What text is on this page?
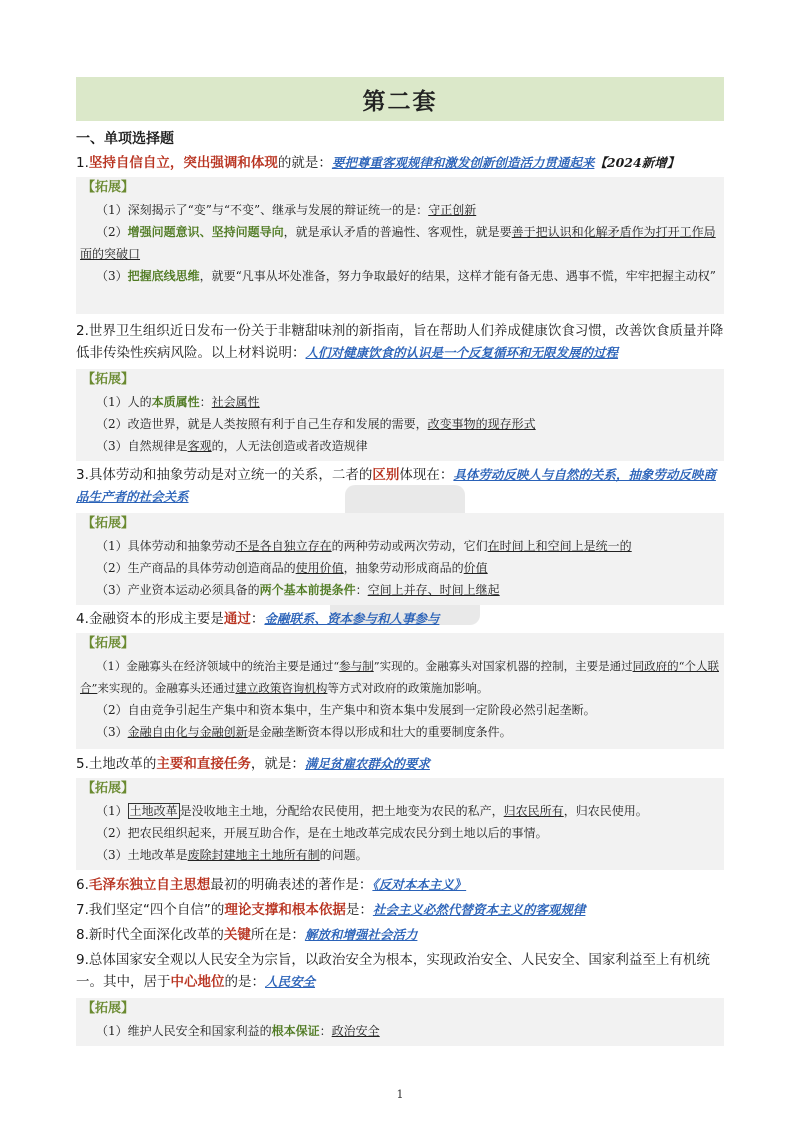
第二套
一、单项选择题
1.坚持自信自立，突出强调和体现的就是：要把尊重客观规律和激发创新创造活力贯通起来【2024新增】
【拓展】
（1）深刻揭示了“变”与“不变”、继承与发展的辩证统一的是：守正创新
（2）增强问题意识、坚持问题导向，就是承认矛盾的普遍性、客观性，就是要善于把认识和化解矛盾作为打开工作局面的突破口
（3）把握底线思维，就要“凡事从坏处准备，努力争取最好的结果，这样才能有备无患、遇事不慌，牢牢把握主动权”
2.世界卫生组织近日发布一份关于非糖甜味剂的新指南，旨在帮助人们养成健康饮食习惯，改善饮食质量并降低非传染性疾病风险。以上材料说明：人们对健康饮食的认识是一个反复循环和无限发展的过程
【拓展】
（1）人的本质属性：社会属性
（2）改造世界，就是人类按照有利于自己生存和发展的需要，改变事物的现存形式
（3）自然规律是客观的，人无法创造或者改造规律
3.具体劳动和抽象劳动是对立统一的关系，二者的区别体现在：具体劳动反映人与自然的关系，抽象劳动反映商品生产者的社会关系
【拓展】
（1）具体劳动和抽象劳动不是各自独立存在的两种劳动或两次劳动，它们在时间上和空间上是统一的
（2）生产商品的具体劳动创造商品的使用价值，抽象劳动形成商品的价值
（3）产业资本运动必须具备的两个基本前提条件：空间上并存、时间上继起
4.金融资本的形成主要是通过：金融联系、资本参与和人事参与
【拓展】
（1）金融寡头在经济领域中的统治主要是通过“参与制”实现的。金融寡头对国家机器的控制，主要是通过同政府的“个人联合”来实现的。金融寡头还通过建立政策咨询机构等方式对政府的政策施加影响。
（2）自由竞争引起生产集中和资本集中，生产集中和资本集中发展到一定阶段必然引起垄断。
（3）金融自由化与金融创新是金融垄断资本得以形成和壮大的重要制度条件。
5.土地改革的主要和直接任务，就是：满足贫雇农群众的要求
【拓展】
（1） 土地改革 是没收地主土地，分配给农民使用，把土地变为农民的私产，归农民所有，归农民使用。
（2）把农民组织起来，开展互助合作，是在土地改革完成农民分到土地以后的事情。
（3）土地改革是废除封建地主土地所有制的问题。
6.毛泽东独立自主思想最初的明确表述的著作是：《反对本本主义》
7.我们坚定“四个自信”的理论支撑和根本依据是：社会主义必然代替资本主义的客观规律
8.新时代全面深化改革的关键所在是：解放和增强社会活力
9.总体国家安全观以人民安全为宗旨，以政治安全为根本，实现政治安全、人民安全、国家利益至上有机统一。其中，居于中心地位的是：人民安全
【拓展】
（1）维护人民安全和国家利益的根本保证：政治安全
1
